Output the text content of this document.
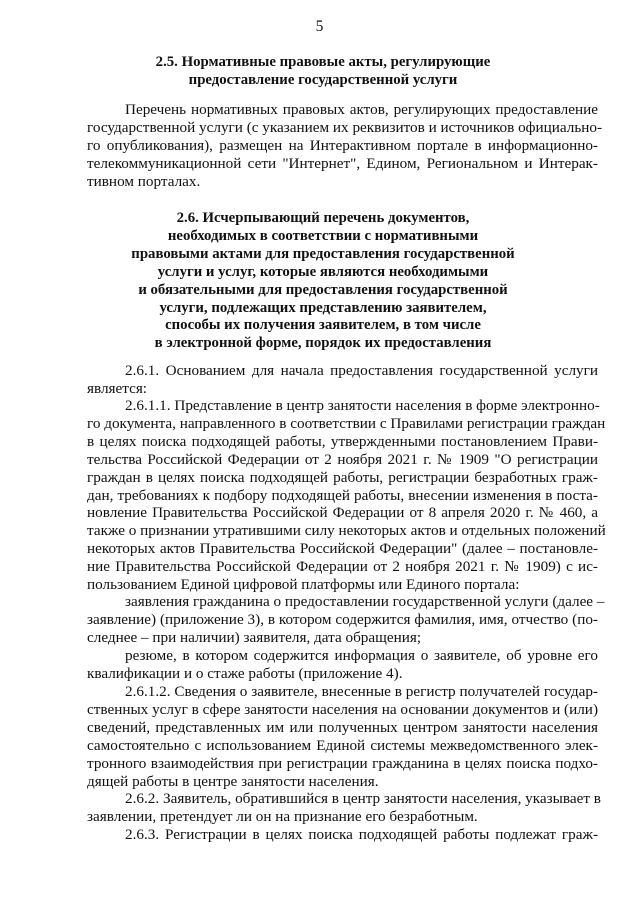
5
2.5. Нормативные правовые акты, регулирующие
предоставление государственной услуги
Перечень нормативных правовых актов, регулирующих предоставление
государственной услуги (с указанием их реквизитов и источников официально-
го опубликования), размещен на Интерактивном портале в информационно-
телекоммуникационной сети "Интернет", Едином, Региональном и Интерак-
тивном порталах.
2.6. Исчерпывающий перечень документов,
необходимых в соответствии с нормативными
правовыми актами для предоставления государственной
услуги и услуг, которые являются необходимыми
и обязательными для предоставления государственной
услуги, подлежащих представлению заявителем,
способы их получения заявителем, в том числе
в электронной форме, порядок их предоставления
2.6.1. Основанием для начала предоставления государственной услуги
является:
2.6.1.1. Представление в центр занятости населения в форме электронно-
го документа, направленного в соответствии с Правилами регистрации граждан
в целях поиска подходящей работы, утвержденными постановлением Прави-
тельства Российской Федерации от 2 ноября 2021 г. № 1909 "О регистрации
граждан в целях поиска подходящей работы, регистрации безработных граж-
дан, требованиях к подбору подходящей работы, внесении изменения в поста-
новление Правительства Российской Федерации от 8 апреля 2020 г. № 460, а
также о признании утратившими силу некоторых актов и отдельных положений
некоторых актов Правительства Российской Федерации" (далее – постановле-
ние Правительства Российской Федерации от 2 ноября 2021 г. № 1909) с ис-
пользованием Единой цифровой платформы или Единого портала:
заявления гражданина о предоставлении государственной услуги (далее –
заявление) (приложение 3), в котором содержится фамилия, имя, отчество (по-
следнее – при наличии) заявителя, дата обращения;
резюме, в котором содержится информация о заявителе, об уровне его
квалификации и о стаже работы (приложение 4).
2.6.1.2. Сведения о заявителе, внесенные в регистр получателей государ-
ственных услуг в сфере занятости населения на основании документов и (или)
сведений, представленных им или полученных центром занятости населения
самостоятельно с использованием Единой системы межведомственного элек-
тронного взаимодействия при регистрации гражданина в целях поиска подхо-
дящей работы в центре занятости населения.
2.6.2. Заявитель, обратившийся в центр занятости населения, указывает в
заявлении, претендует ли он на признание его безработным.
2.6.3. Регистрации в целях поиска подходящей работы подлежат граж-
